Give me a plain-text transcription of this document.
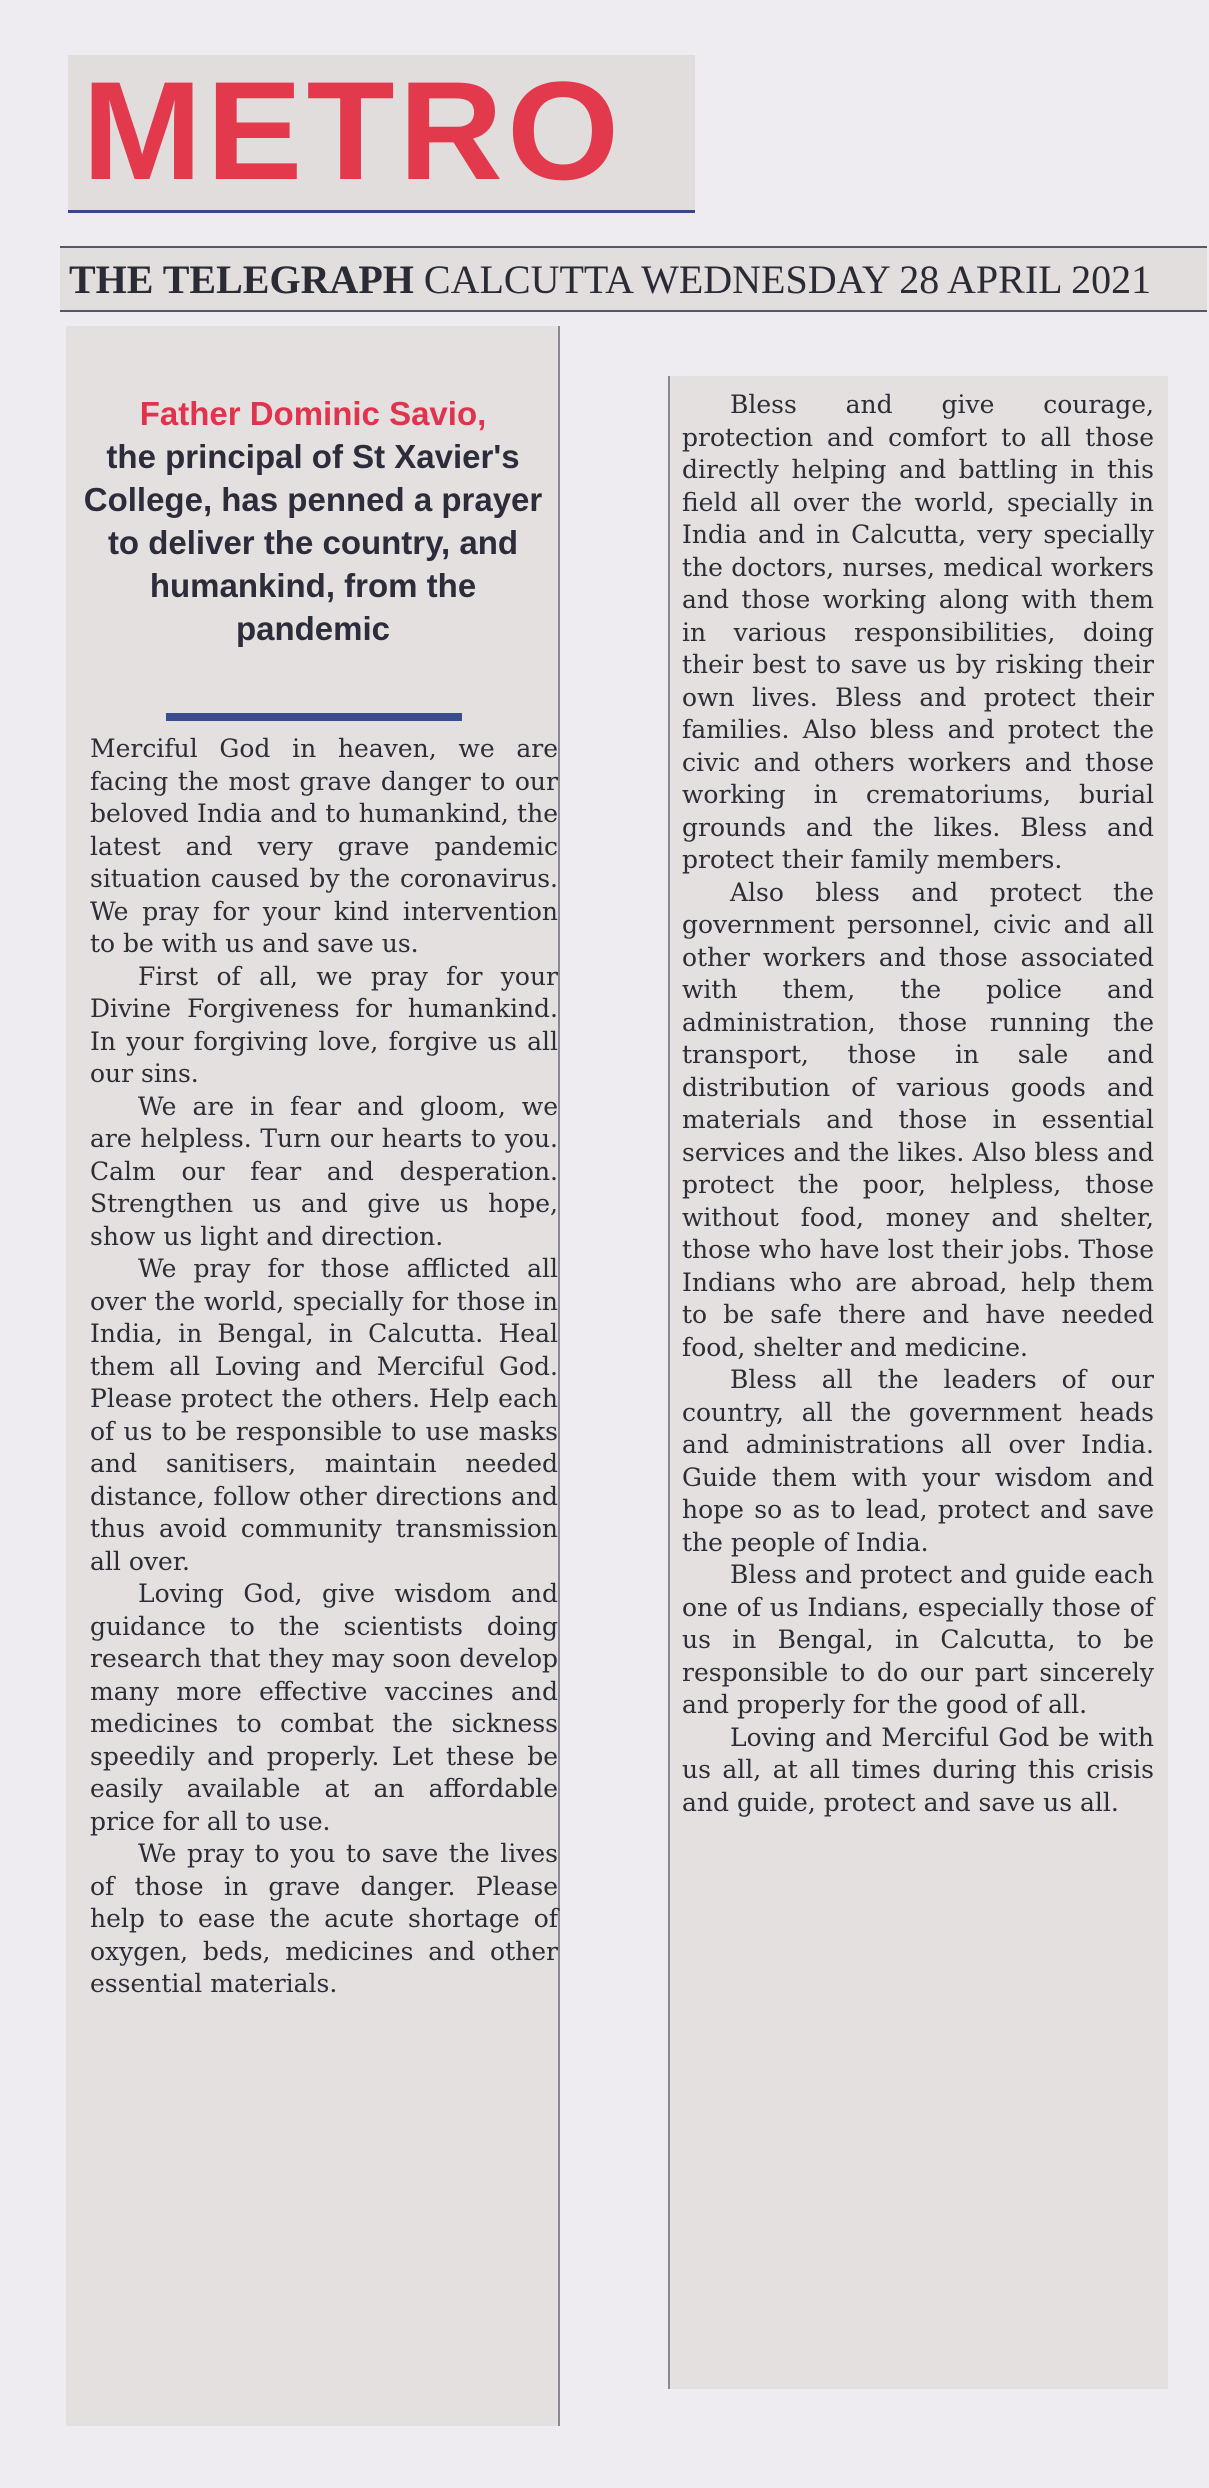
METRO
THE TELEGRAPH CALCUTTA WEDNESDAY 28 APRIL 2021
Father Dominic Savio,
the principal of St Xavier's College, has penned a prayer to deliver the country, and humankind, from the pandemic

Merciful God in heaven, we are facing the most grave danger to our beloved India and to humankind, the latest and very grave pandemic situation caused by the coronavirus. We pray for your kind intervention to be with us and save us.

First of all, we pray for your Divine Forgiveness for humankind. In your forgiving love, forgive us all our sins.

We are in fear and gloom, we are helpless. Turn our hearts to you. Calm our fear and desperation. Strengthen us and give us hope, show us light and direction.

We pray for those afflicted all over the world, specially for those in India, in Bengal, in Calcutta. Heal them all Loving and Merciful God. Please protect the others. Help each of us to be responsible to use masks and sanitisers, maintain needed distance, follow other directions and thus avoid community transmission all over.

Loving God, give wisdom and guidance to the scientists doing research that they may soon develop many more effective vaccines and medicines to combat the sickness speedily and properly. Let these be easily available at an affordable price for all to use.

We pray to you to save the lives of those in grave danger. Please help to ease the acute shortage of oxygen, beds, medicines and other essential materials.

Bless and give courage, protection and comfort to all those directly helping and battling in this field all over the world, specially in India and in Calcutta, very specially the doctors, nurses, medical workers and those working along with them in various responsibilities, doing their best to save us by risking their own lives. Bless and protect their families. Also bless and protect the civic and others workers and those working in crematoriums, burial grounds and the likes. Bless and protect their family members.

Also bless and protect the government personnel, civic and all other workers and those associated with them, the police and administration, those running the transport, those in sale and distribution of various goods and materials and those in essential services and the likes. Also bless and protect the poor, helpless, those without food, money and shelter, those who have lost their jobs. Those Indians who are abroad, help them to be safe there and have needed food, shelter and medicine.

Bless all the leaders of our country, all the government heads and administrations all over India. Guide them with your wisdom and hope so as to lead, protect and save the people of India.

Bless and protect and guide each one of us Indians, especially those of us in Bengal, in Calcutta, to be responsible to do our part sincerely and properly for the good of all.

Loving and Merciful God be with us all, at all times during this crisis and guide, protect and save us all.
